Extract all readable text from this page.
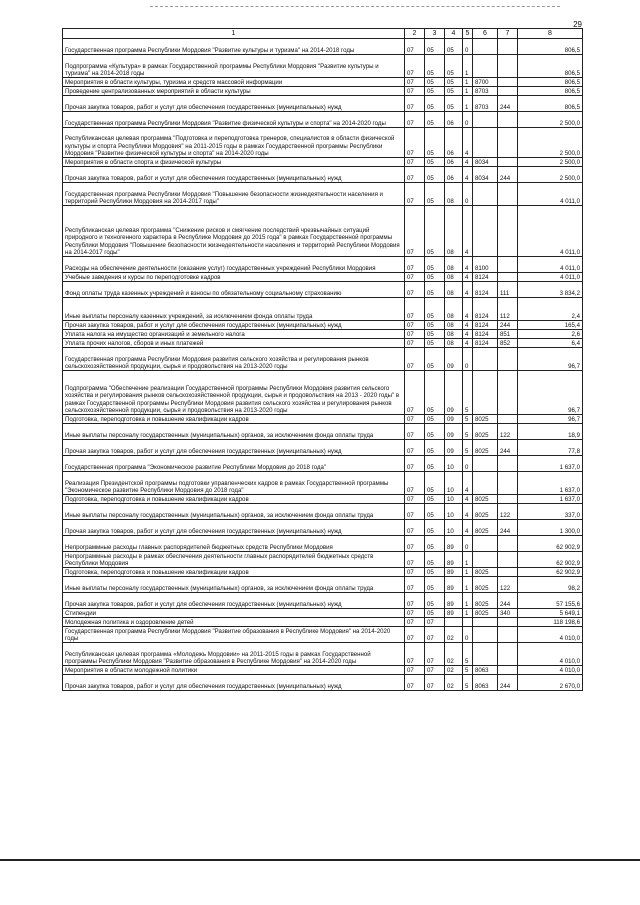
29
1	2	3	4	5	6	7	8
Государственная программа Республики Мордовия "Развитие культуры и туризма" на 2014-2018 годы	07	05	05	0			806,5
Подпрограмма «Культура» в рамках Государственной программы Республики Мордовия "Развитие культуры и туризма" на 2014-2018 годы	07	05	05	1			806,5
Мероприятия в области культуры, туризма и средств массовой информации	07	05	05	1	8700		806,5
Проведение централизованных мероприятий в области культуры	07	05	05	1	8703		806,5
Прочая закупка товаров, работ и услуг для обеспечения государственных (муниципальных) нужд	07	05	05	1	8703	244	806,5
Государственная программа Республики Мордовия "Развитие физической культуры и спорта" на 2014-2020 годы	07	05	06	0			2 500,0
Республиканская целевая программа "Подготовка и переподготовка тренеров, специалистов в области физической культуры и спорта Республики Мордовия" на 2011-2015 годы в рамках Государственной программы Республики Мордовия "Развитие физической культуры и спорта" на 2014-2020 годы	07	05	06	4			2 500,0
Мероприятия в области спорта и физической культуры	07	05	06	4	8034		2 500,0
Прочая закупка товаров, работ и услуг для обеспечения государственных (муниципальных) нужд	07	05	06	4	8034	244	2 500,0
Государственная программа Республики Мордовия "Повышение безопасности жизнедеятельности населения и территорий Республики Мордовия на 2014-2017 годы"	07	05	08	0			4 011,0
Республиканская целевая программа "Снижение рисков и смягчение последствий чрезвычайных ситуаций природного и техногенного характера в Республике Мордовия до 2015 года" в рамках Государственной программы Республики Мордовия "Повышение безопасности жизнедеятельности населения и территорий Республики Мордовия на 2014-2017 годы"	07	05	08	4			4 011,0
Расходы на обеспечение деятельности (оказание услуг) государственных учреждений Республики Мордовия	07	05	08	4	8100		4 011,0
Учебные заведения и курсы по переподготовке кадров	07	05	08	4	8124		4 011,0
Фонд оплаты труда казенных учреждений и взносы по обязательному социальному страхованию	07	05	08	4	8124	111	3 834,2
Иные выплаты персоналу казенных учреждений, за исключением фонда оплаты труда	07	05	08	4	8124	112	2,4
Прочая закупка товаров, работ и услуг для обеспечения государственных (муниципальных) нужд	07	05	08	4	8124	244	165,4
Уплата налога на имущество организаций и земельного налога	07	05	08	4	8124	851	2,6
Уплата прочих налогов, сборов и иных платежей	07	05	08	4	8124	852	6,4
Государственная программа Республики Мордовия развития сельского хозяйства и регулирования рынков сельскохозяйственной продукции, сырья и продовольствия на 2013-2020 годы	07	05	09	0			96,7
Подпрограмма "Обеспечение реализации Государственной программы Республики Мордовия развития сельского хозяйства и регулирования рынков сельскохозяйственной продукции, сырья и продовольствия на 2013 - 2020 годы" в рамках Государственной программы Республики Мордовия развития сельского хозяйства и регулирования рынков сельскохозяйственной продукции, сырья и продовольствия на 2013-2020 годы	07	05	09	5			96,7
Подготовка, переподготовка и повышение квалификации кадров	07	05	09	5	8025		96,7
Иные выплаты персоналу государственных (муниципальных) органов, за исключением фонда оплаты труда	07	05	09	5	8025	122	18,9
Прочая закупка товаров, работ и услуг для обеспечения государственных (муниципальных) нужд	07	05	09	5	8025	244	77,8
Государственная программа "Экономическое развитие Республики Мордовия до 2018 года"	07	05	10	0			1 637,0
Реализация Президентской программы подготовки управленческих кадров в рамках Государственной программы "Экономическое развитие Республики Мордовия до 2018 года"	07	05	10	4			1 637,0
Подготовка, переподготовка и повышение квалификации кадров	07	05	10	4	8025		1 637,0
Иные выплаты персоналу государственных (муниципальных) органов, за исключением фонда оплаты труда	07	05	10	4	8025	122	337,0
Прочая закупка товаров, работ и услуг для обеспечения государственных (муниципальных) нужд	07	05	10	4	8025	244	1 300,0
Непрограммные расходы главных распорядителей бюджетных средств Республики Мордовия	07	05	89	0			62 902,9
Непрограммные расходы в рамках обеспечения деятельности главных распорядителей бюджетных средств Республики Мордовия	07	05	89	1			62 902,9
Подготовка, переподготовка и повышение квалификации кадров	07	05	89	1	8025		62 902,9
Иные выплаты персоналу государственных (муниципальных) органов, за исключением фонда оплаты труда	07	05	89	1	8025	122	98,2
Прочая закупка товаров, работ и услуг для обеспечения государственных (муниципальных) нужд	07	05	89	1	8025	244	57 155,6
Стипендии	07	05	89	1	8025	340	5 649,1
Молодежная политика и оздоровление детей	07	07					118 198,6
Государственная программа Республики Мордовия "Развитие образования в Республике Мордовия" на 2014-2020 годы	07	07	02	0			4 010,0
Республиканская целевая программа «Молодежь Мордовии» на 2011-2015 годы в рамках Государственной программы Республики Мордовия "Развитие образования в Республике Мордовия" на 2014-2020 годы	07	07	02	5			4 010,0
Мероприятия в области молодежной политики	07	07	02	5	8063		4 010,0
Прочая закупка товаров, работ и услуг для обеспечения государственных (муниципальных) нужд	07	07	02	5	8063	244	2 670,0
